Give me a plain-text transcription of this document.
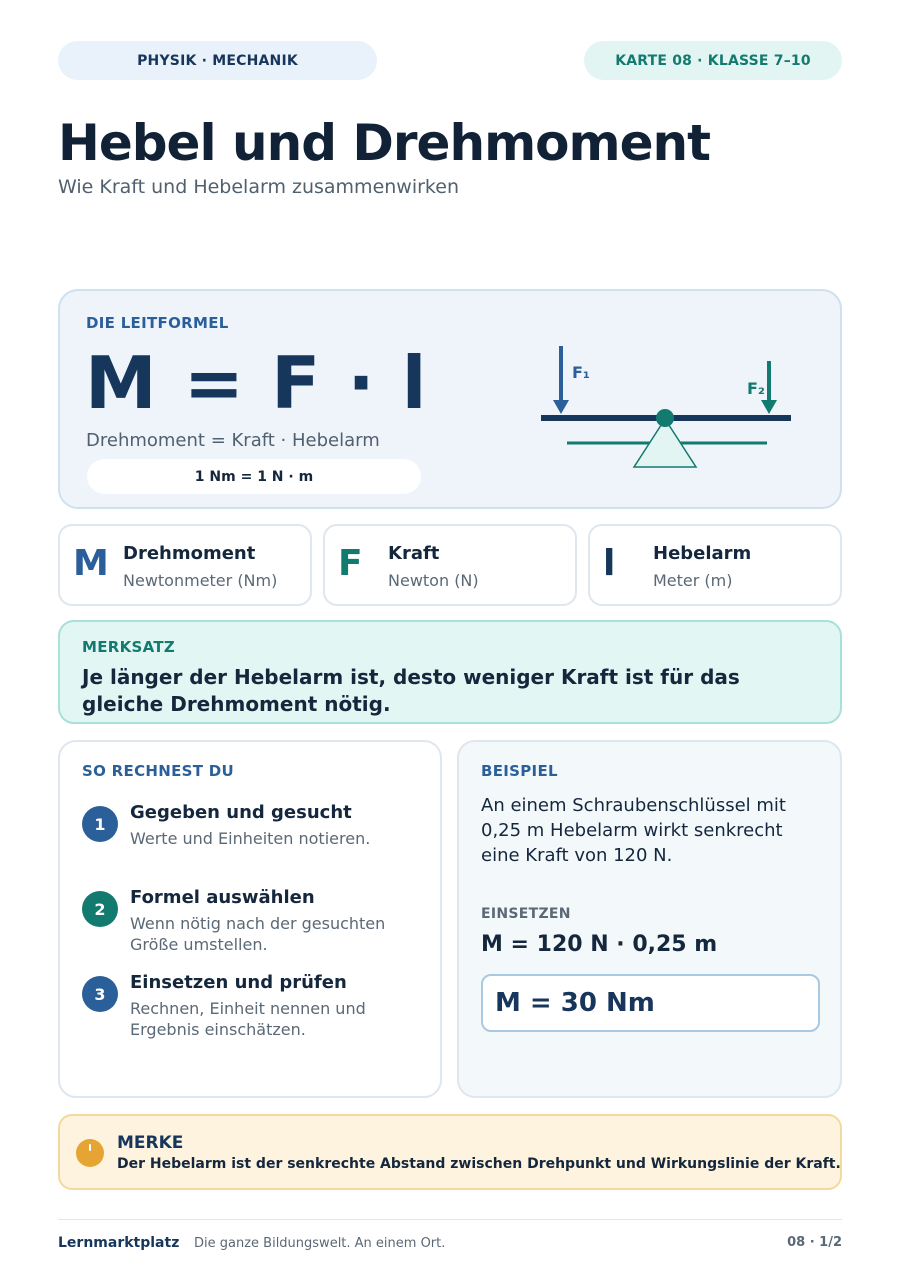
PHYSIK · MECHANIK	KARTE 08 · KLASSE 7–10
Hebel und Drehmoment
Wie Kraft und Hebelarm zusammenwirken
DIE LEITFORMEL
M = F · l
Drehmoment = Kraft · Hebelarm
1 Nm = 1 N · m
F₁
F₂
M Drehmoment
Newtonmeter (Nm) F Kraft
Newton (N)	l Hebelarm
Meter (m)
MERKSATZ
Je länger der Hebelarm ist, desto weniger Kraft ist für das gleiche Drehmoment nötig.
SO RECHNEST DU
1
Gegeben und gesucht
Werte und Einheiten notieren.
2
Formel auswählen
Wenn nötig nach der gesuchten Größe umstellen.
3
Einsetzen und prüfen
Rechnen, Einheit nennen und Ergebnis einschätzen.
BEISPIEL
An einem Schraubenschlüssel mit 0,25 m Hebelarm wirkt senkrecht eine Kraft von 120 N.
EINSETZEN
M = 120 N · 0,25 m
M = 30 Nm
MERKE
Der Hebelarm ist der senkrechte Abstand zwischen Drehpunkt und Wirkungslinie der Kraft.
Lernmarktplatz Die ganze Bildungswelt. An einem Ort.	08 · 1/2
